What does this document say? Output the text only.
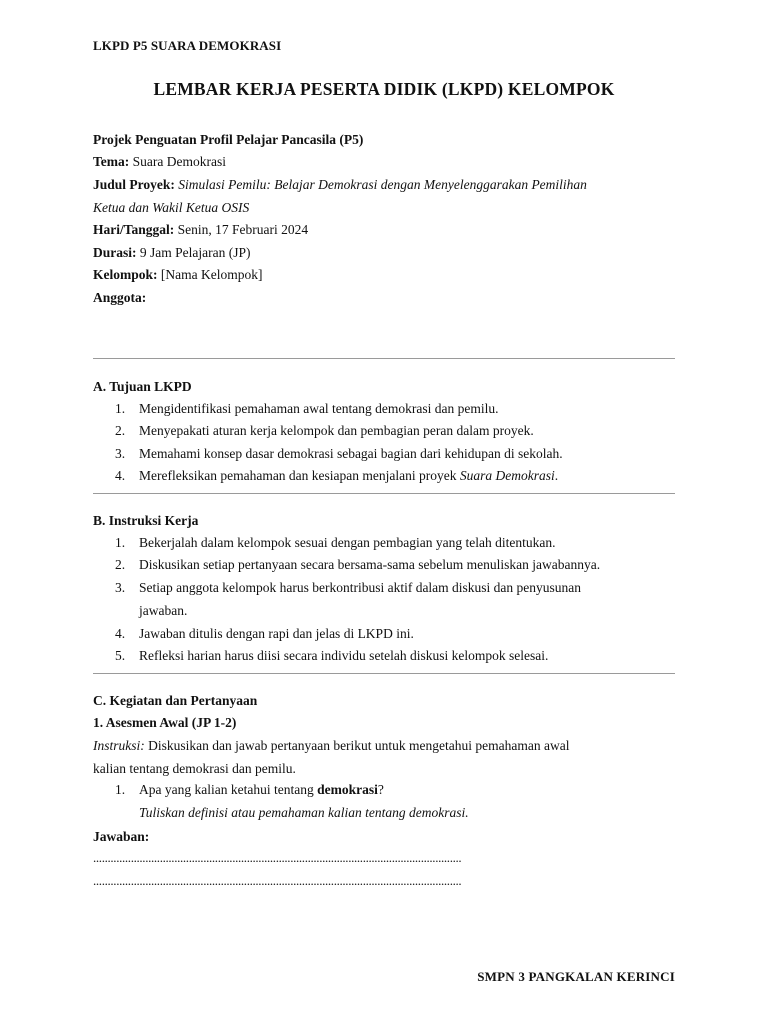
LKPD P5 SUARA DEMOKRASI
LEMBAR KERJA PESERTA DIDIK (LKPD) KELOMPOK
Projek Penguatan Profil Pelajar Pancasila (P5)
Tema: Suara Demokrasi
Judul Proyek: Simulasi Pemilu: Belajar Demokrasi dengan Menyelenggarakan Pemilihan
Ketua dan Wakil Ketua OSIS
Hari/Tanggal: Senin, 17 Februari 2024
Durasi: 9 Jam Pelajaran (JP)
Kelompok: [Nama Kelompok]
Anggota:
A. Tujuan LKPD
1. Mengidentifikasi pemahaman awal tentang demokrasi dan pemilu.
2. Menyepakati aturan kerja kelompok dan pembagian peran dalam proyek.
3. Memahami konsep dasar demokrasi sebagai bagian dari kehidupan di sekolah.
4. Merefleksikan pemahaman dan kesiapan menjalani proyek Suara Demokrasi.
B. Instruksi Kerja
1. Bekerjalah dalam kelompok sesuai dengan pembagian yang telah ditentukan.
2. Diskusikan setiap pertanyaan secara bersama-sama sebelum menuliskan jawabannya.
3. Setiap anggota kelompok harus berkontribusi aktif dalam diskusi dan penyusunan
jawaban.
4. Jawaban ditulis dengan rapi dan jelas di LKPD ini.
5. Refleksi harian harus diisi secara individu setelah diskusi kelompok selesai.
C. Kegiatan dan Pertanyaan
1. Asesmen Awal (JP 1-2)
Instruksi: Diskusikan dan jawab pertanyaan berikut untuk mengetahui pemahaman awal
kalian tentang demokrasi dan pemilu.
1. Apa yang kalian ketahui tentang demokrasi?
Tuliskan definisi atau pemahaman kalian tentang demokrasi.
Jawaban:
...............................................................................................................................
...............................................................................................................................
SMPN 3 PANGKALAN KERINCI
